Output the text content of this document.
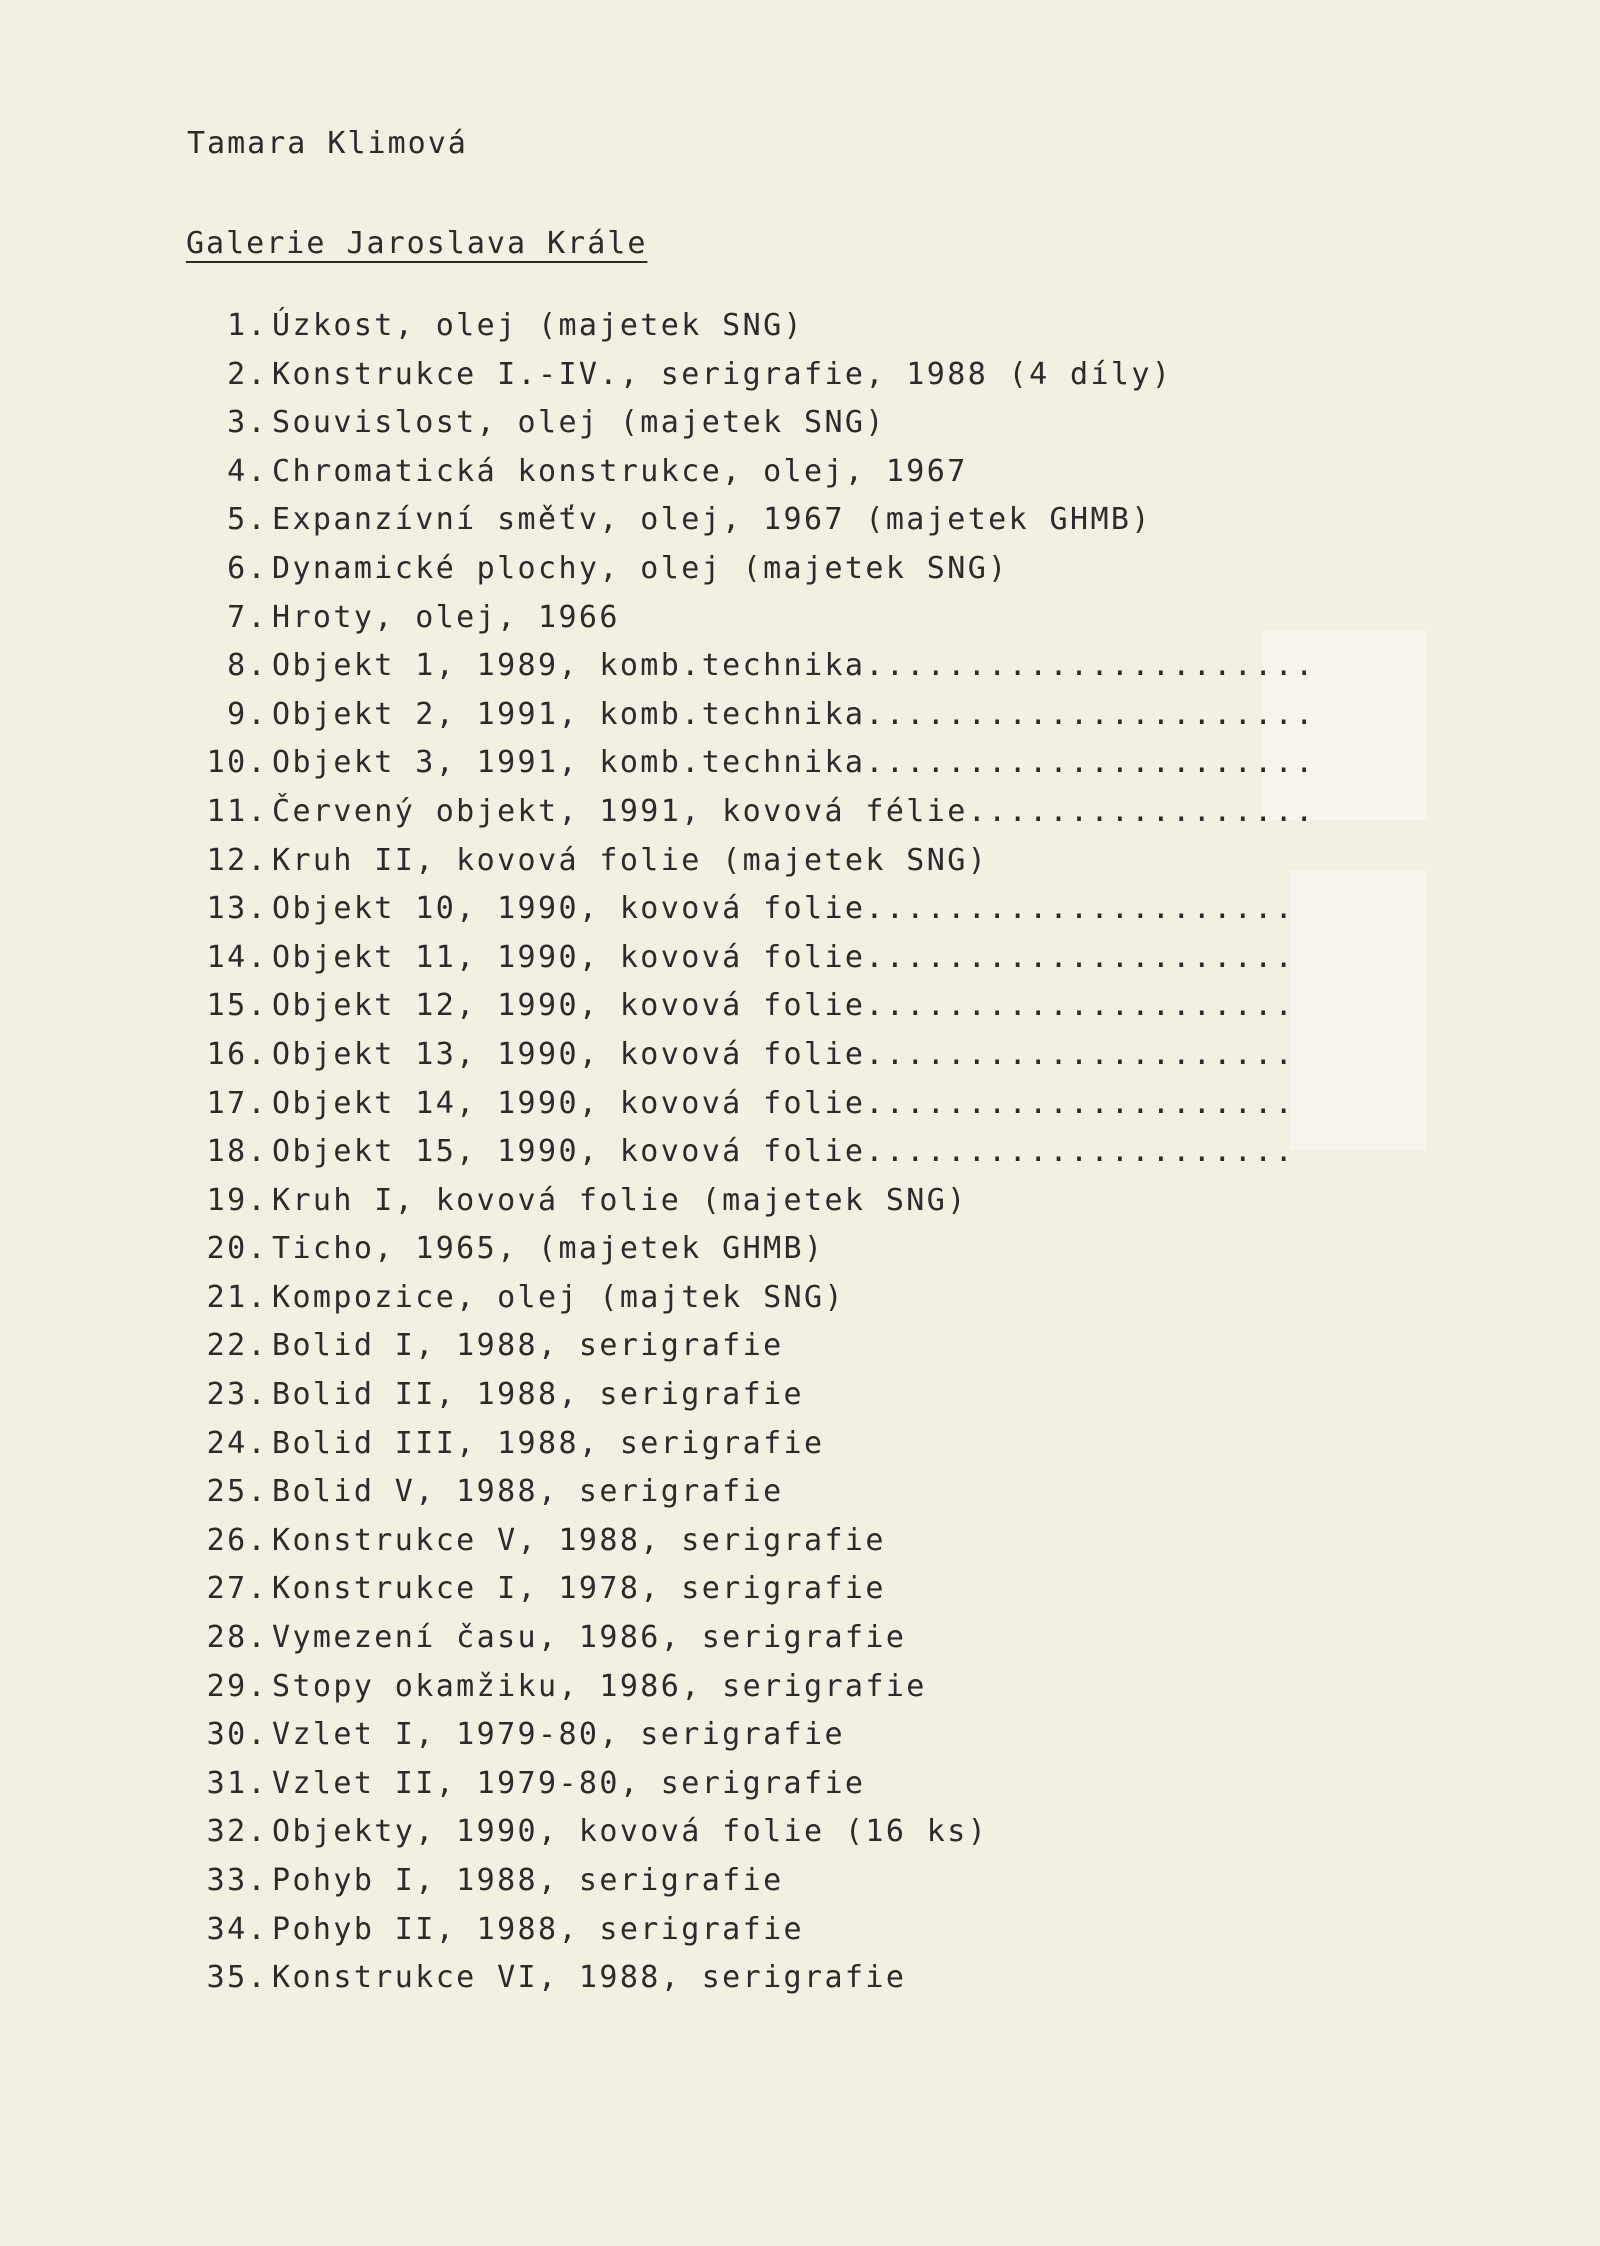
Tamara Klimová
Galerie Jaroslava Krále
1. Úzkost, olej (majetek SNG)
2. Konstrukce I.-IV., serigrafie, 1988 (4 díly)
3. Souvislost, olej (majetek SNG)
4. Chromatická konstrukce, olej, 1967
5. Expanzívní směťv, olej, 1967 (majetek GHMB)
6. Dynamické plochy, olej (majetek SNG)
7. Hroty, olej, 1966
8. Objekt 1, 1989, komb.technika......................
9. Objekt 2, 1991, komb.technika......................
10. Objekt 3, 1991, komb.technika......................
11. Červený objekt, 1991, kovová félie.................
12. Kruh II, kovová folie (majetek SNG)
13. Objekt 10, 1990, kovová folie.....................
14. Objekt 11, 1990, kovová folie.....................
15. Objekt 12, 1990, kovová folie.....................
16. Objekt 13, 1990, kovová folie.....................
17. Objekt 14, 1990, kovová folie.....................
18. Objekt 15, 1990, kovová folie.....................
19. Kruh I, kovová folie (majetek SNG)
20. Ticho, 1965, (majetek GHMB)
21. Kompozice, olej (majtek SNG)
22. Bolid I, 1988, serigrafie
23. Bolid II, 1988, serigrafie
24. Bolid III, 1988, serigrafie
25. Bolid V, 1988, serigrafie
26. Konstrukce V, 1988, serigrafie
27. Konstrukce I, 1978, serigrafie
28. Vymezení času, 1986, serigrafie
29. Stopy okamžiku, 1986, serigrafie
30. Vzlet I, 1979-80, serigrafie
31. Vzlet II, 1979-80, serigrafie
32. Objekty, 1990, kovová folie (16 ks)
33. Pohyb I, 1988, serigrafie
34. Pohyb II, 1988, serigrafie
35. Konstrukce VI, 1988, serigrafie
